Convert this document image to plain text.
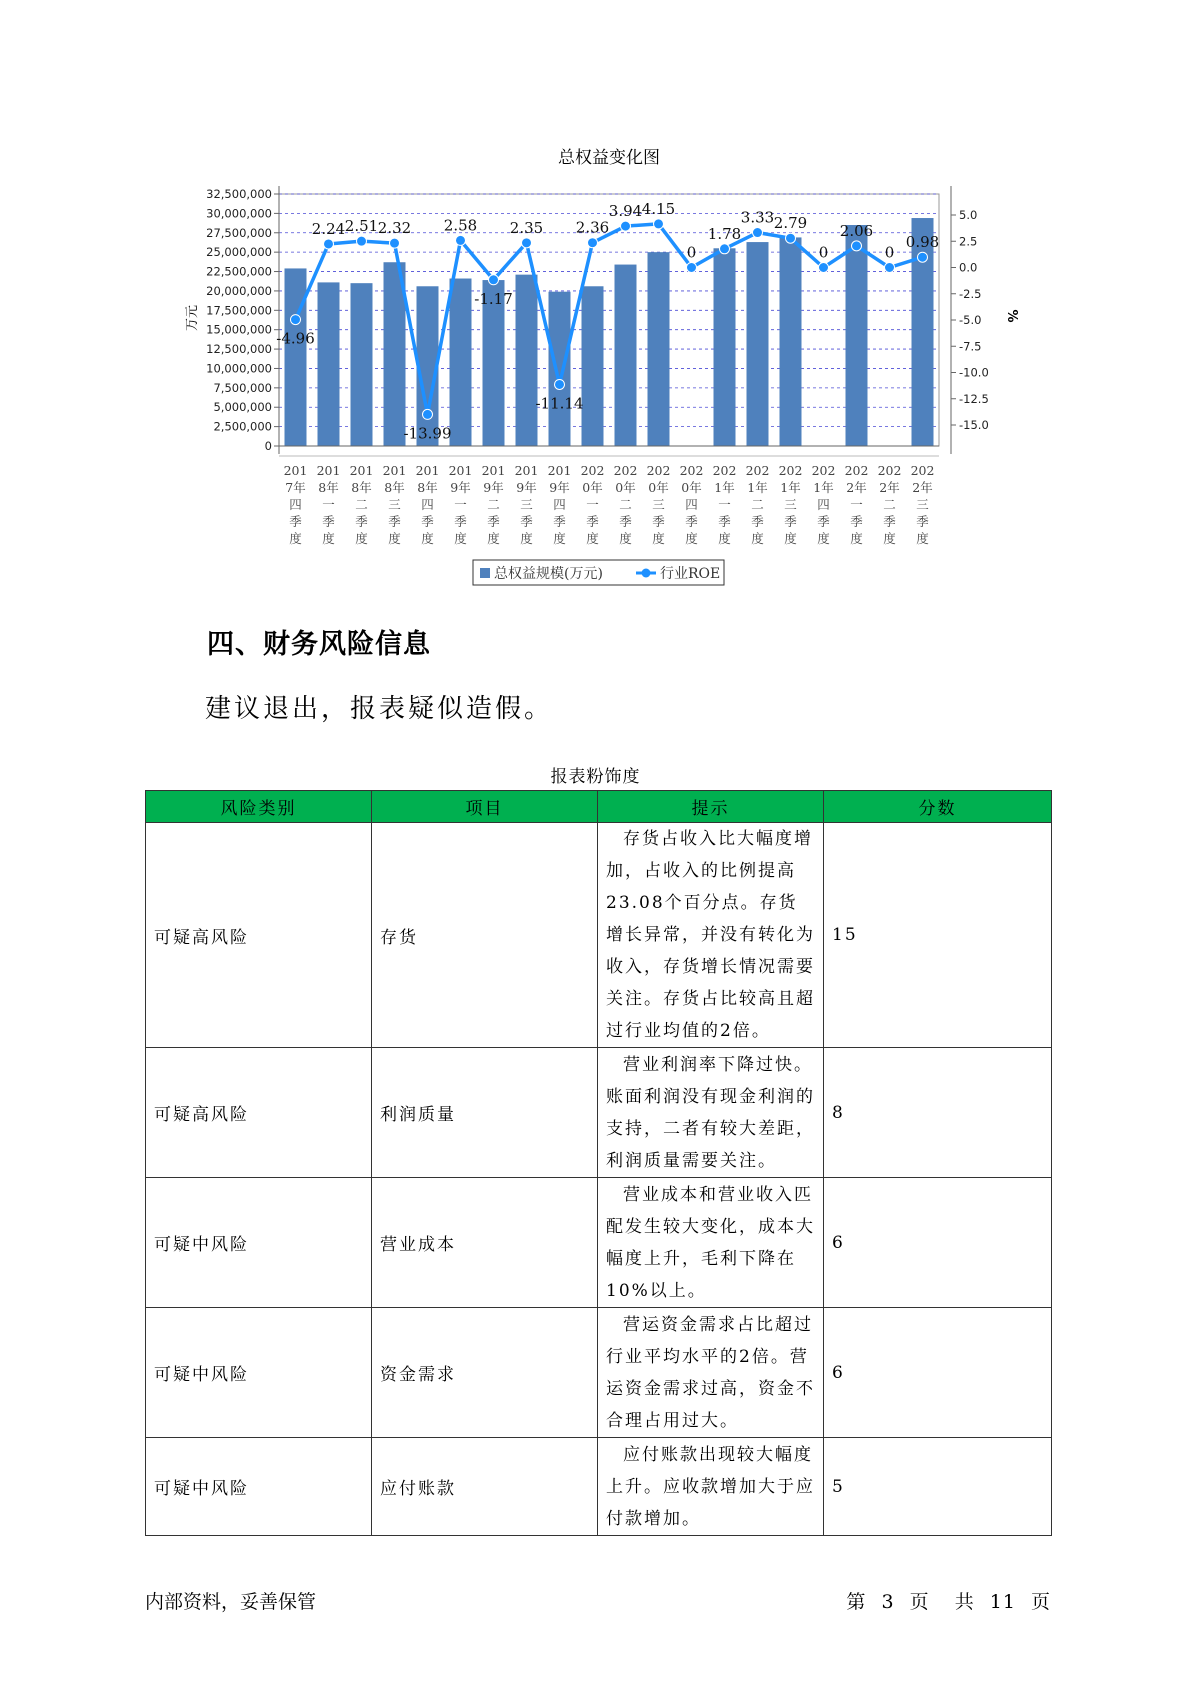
总权益变化图
32,500,000
30,000,000
27,500,000
25,000,000
22,500,000
20,000,000
17,500,000
15,000,000
12,500,000
10,000,000
7,500,000
5,000,000
2,500,000
0
5.0
2.5
0.0
-2.5
-5.0
-7.5
-10.0
-12.5
-15.0
万元	%
201
7年
四
季
度
201
8年
一
季
度
201
8年
二
季
度
201
8年
三
季
度
201
8年
四
季
度
201
9年
一
季
度
201
9年
二
季
度
201
9年
三
季
度
201
9年
四
季
度
202
0年
一
季
度
202
0年
二
季
度
202
0年
三
季
度
202
0年
四
季
度
202
1年
一
季
度
202
1年
二
季
度
202
1年
三
季
度
202
1年
四
季
度
202
2年
一
季
度
202
2年
二
季
度
202
2年
三
季
度
-4.96
2.24 2.51 2.32
-13.99
2.58
-1.17
2.35
-11.14
2.36
3.94 4.15
0
1.78
3.33 2.79
0
2.06
0
0.98
总权益规模(万元)	行业ROE
四、财务风险信息

建议退出，报表疑似造假。

报表粉饰度
风险类别	项目	提示	分数
可疑高风险	存货	存货占收入比大幅度增加，占收入的比例提高23.08个百分点。存货增长异常，并没有转化为收入，存货增长情况需要关注。存货占比较高且超过行业均值的2倍。	15
可疑高风险	利润质量	营业利润率下降过快。账面利润没有现金利润的支持，二者有较大差距，利润质量需要关注。	8
可疑中风险	营业成本	营业成本和营业收入匹配发生较大变化，成本大幅度上升，毛利下降在10%以上。	6
可疑中风险	资金需求	营运资金需求占比超过行业平均水平的2倍。营运资金需求过高，资金不合理占用过大。	6
可疑中风险	应付账款	应付账款出现较大幅度上升。应收款增加大于应付款增加。	5
内部资料，妥善保管	第 3 页 共 11 页
